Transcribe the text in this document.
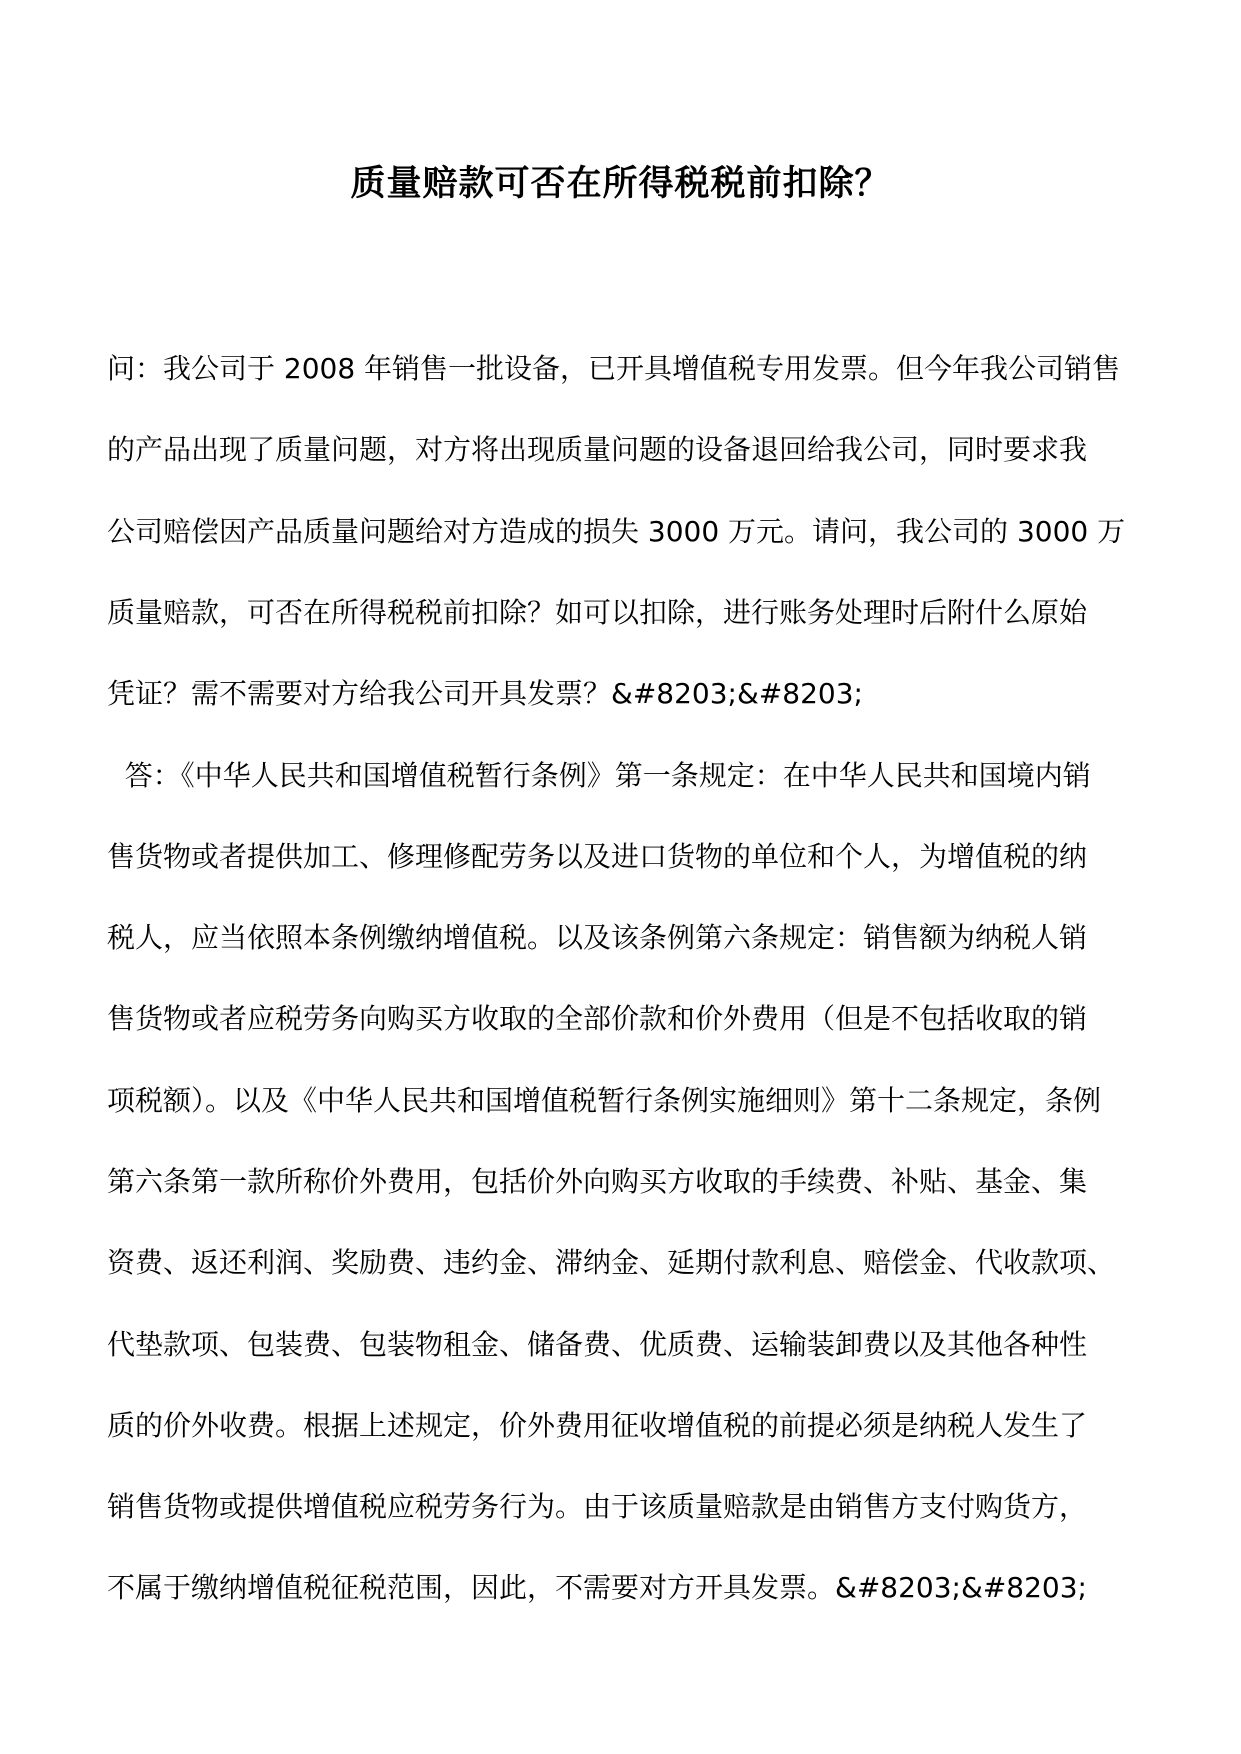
质量赔款可否在所得税税前扣除？
问：我公司于 2008 年销售一批设备，已开具增值税专用发票。但今年我公司销售
的产品出现了质量问题，对方将出现质量问题的设备退回给我公司，同时要求我
公司赔偿因产品质量问题给对方造成的损失 3000 万元。请问，我公司的 3000 万
质量赔款，可否在所得税税前扣除？如可以扣除，进行账务处理时后附什么原始
凭证？需不需要对方给我公司开具发票？&#8203;&#8203;
答：《中华人民共和国增值税暂行条例》第一条规定：在中华人民共和国境内销
售货物或者提供加工、修理修配劳务以及进口货物的单位和个人，为增值税的纳
税人，应当依照本条例缴纳增值税。以及该条例第六条规定：销售额为纳税人销
售货物或者应税劳务向购买方收取的全部价款和价外费用（但是不包括收取的销
项税额）。以及《中华人民共和国增值税暂行条例实施细则》第十二条规定，条例
第六条第一款所称价外费用，包括价外向购买方收取的手续费、补贴、基金、集
资费、返还利润、奖励费、违约金、滞纳金、延期付款利息、赔偿金、代收款项、
代垫款项、包装费、包装物租金、储备费、优质费、运输装卸费以及其他各种性
质的价外收费。根据上述规定，价外费用征收增值税的前提必须是纳税人发生了
销售货物或提供增值税应税劳务行为。由于该质量赔款是由销售方支付购货方，
不属于缴纳增值税征税范围，因此，不需要对方开具发票。&#8203;&#8203;
